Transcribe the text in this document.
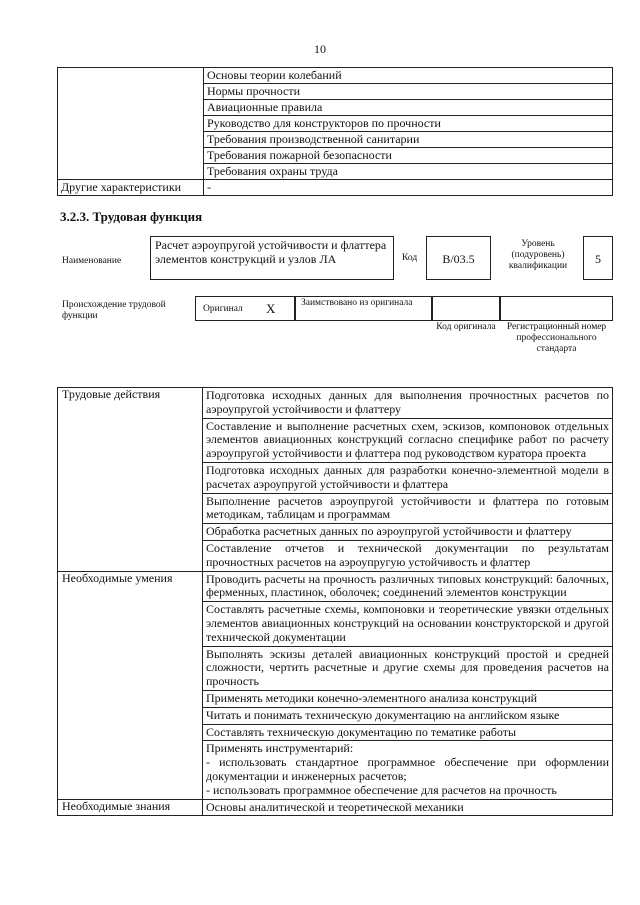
10
	Основы теории колебаний
	Нормы прочности
	Авиационные правила
	Руководство для конструкторов по прочности
	Требования производственной санитарии
	Требования пожарной безопасности
	Требования охраны труда
Другие характеристики	-
3.2.3. Трудовая функция
Наименование
Расчет аэроупругой устойчивости и флаттера элементов конструкций и узлов ЛА	Код	B/03.5
Уровень (подуровень) квалификации	5
Происхождение трудовой функции
Оригинал X	Заимствовано из оригинала
Код оригинала	Регистрационный номер профессионального стандарта
Трудовые действия	Подготовка исходных данных для выполнения прочностных расчетов по аэроупругой устойчивости и флаттеру
	Составление и выполнение расчетных схем, эскизов, компоновок отдельных элементов авиационных конструкций согласно специфике работ по расчету аэроупругой устойчивости и флаттера под руководством куратора проекта
	Подготовка исходных данных для разработки конечно-элементной модели в расчетах аэроупругой устойчивости и флаттера
	Выполнение расчетов аэроупругой устойчивости и флаттера по готовым методикам, таблицам и программам
	Обработка расчетных данных по аэроупругой устойчивости и флаттеру
	Составление отчетов и технической документации по результатам прочностных расчетов на аэроупругую устойчивость и флаттер
Необходимые умения	Проводить расчеты на прочность различных типовых конструкций: балочных, ферменных, пластинок, оболочек; соединений элементов конструкции
	Составлять расчетные схемы, компоновки и теоретические увязки отдельных элементов авиационных конструкций на основании конструкторской и другой технической документации
	Выполнять эскизы деталей авиационных конструкций простой и средней сложности, чертить расчетные и другие схемы для проведения расчетов на прочность
	Применять методики конечно-элементного анализа конструкций
	Читать и понимать техническую документацию на английском языке
	Составлять техническую документацию по тематике работы

	Применять инструментарий:
- использовать стандартное программное обеспечение при оформлении документации и инженерных расчетов;
- использовать программное обеспечение для расчетов на прочность

Необходимые знания	Основы аналитической и теоретической механики
